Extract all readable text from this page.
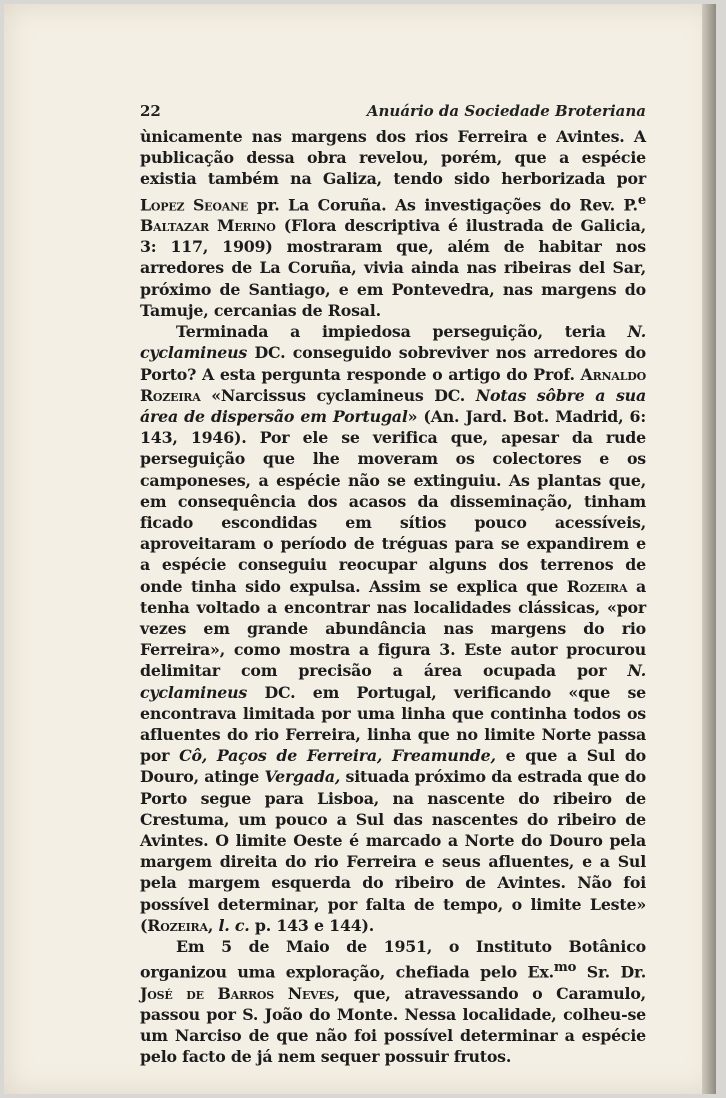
22	Anuário da Sociedade Broteriana

ùnicamente nas margens dos rios Ferreira e Avintes. A publicação dessa obra revelou, porém, que a espécie existia também na Galiza, tendo sido herborizada por Lopez Seoane pr. La Coruña. As investigações do Rev. P.$^e$ Baltazar Merino (Flora descriptiva é ilustrada de Galicia, 3: 117, 1909) mostraram que, além de habitar nos arredores de La Coruña, vivia ainda nas ribeiras del Sar, próximo de Santiago, e em Pontevedra, nas margens do Tamuje, cercanias de Rosal.

Terminada a impiedosa perseguição, teria N. cyclamineus DC. conseguido sobreviver nos arredores do Porto? A esta pergunta responde o artigo do Prof. Arnaldo Rozeira «Narcissus cyclamineus DC. Notas sôbre a sua área de dispersão em Portugal» (An. Jard. Bot. Madrid, 6: 143, 1946). Por ele se verifica que, apesar da rude perseguição que lhe moveram os colectores e os camponeses, a espécie não se extinguiu. As plantas que, em consequência dos acasos da disseminação, tinham ficado escondidas em sítios pouco acessíveis, aproveitaram o período de tréguas para se expandirem e a espécie conseguiu reocupar alguns dos terrenos de onde tinha sido expulsa. Assim se explica que Rozeira a tenha voltado a encontrar nas localidades clássicas, «por vezes em grande abundância nas margens do rio Ferreira», como mostra a figura 3. Este autor procurou delimitar com precisão a área ocupada por N. cyclamineus DC. em Portugal, verificando «que se encontrava limitada por uma linha que continha todos os afluentes do rio Ferreira, linha que no limite Norte passa por Cô, Paços de Ferreira, Freamunde, e que a Sul do Douro, atinge Vergada, situada próximo da estrada que do Porto segue para Lisboa, na nascente do ribeiro de Crestuma, um pouco a Sul das nascentes do ribeiro de Avintes. O limite Oeste é marcado a Norte do Douro pela margem direita do rio Ferreira e seus afluentes, e a Sul pela margem esquerda do ribeiro de Avintes. Não foi possível determinar, por falta de tempo, o limite Leste» (Rozeira, l. c. p. 143 e 144).

Em 5 de Maio de 1951, o Instituto Botânico organizou uma exploração, chefiada pelo Ex.$^{mo}$ Sr. Dr. José de Barros Neves, que, atravessando o Caramulo, passou por S. João do Monte. Nessa localidade, colheu-se um Narciso de que não foi possível determinar a espécie pelo facto de já nem sequer possuir frutos.
